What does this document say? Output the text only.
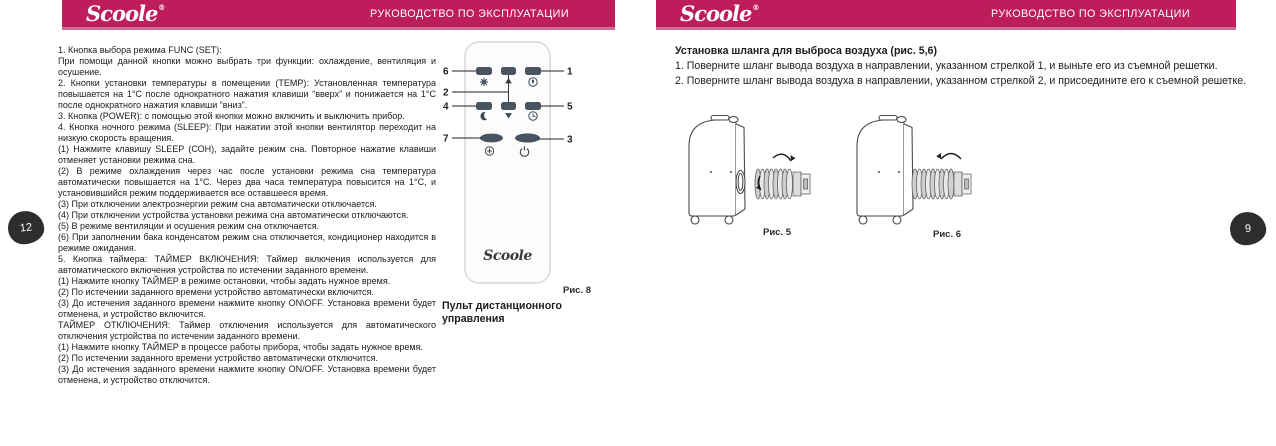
Scoole®	РУКОВОДСТВО ПО ЭКСПЛУАТАЦИИ	Scoole®	РУКОВОДСТВО ПО ЭКСПЛУАТАЦИИ

1. Кнопка выбора режима FUNC (SET):

При помощи данной кнопки можно выбрать три функции: охлаждение, вентиляция и осушение.

2. Кнопки установки температуры в помещении (TEMP): Установленная температура повышается на 1°C после однократного нажатия клавиши “вверх” и понижается на 1°C после однократного нажатия клавиши “вниз”.

3. Кнопка (POWER): с помощью этой кнопки можно включить и выключить прибор.

4. Кнопка ночного режима (SLEEP): При нажатии этой кнопки вентилятор переходит на низкую скорость вращения.

(1) Нажмите клавишу SLEEP (СОН), задайте режим сна. Повторное нажатие клавиши отменяет установки режима сна.

(2) В режиме охлаждения через час после установки режима сна температура автоматически повышается на 1°C. Через два часа температура повысится на 1°C, и установившийся режим поддерживается все оставшееся время.

(3) При отключении электроэнергии режим сна автоматически отключается.

(4) При отключении устройства установки режима сна автоматически отключаются.

(5) В режиме вентиляции и осушения режим сна отключается.

(6) При заполнении бака конденсатом режим сна отключается, кондиционер находится в режиме ожидания.

5. Кнопка таймера: ТАЙМЕР ВКЛЮЧЕНИЯ: Таймер включения используется для автоматического включения устройства по истечении заданного времени.

(1) Нажмите кнопку ТАЙМЕР в режиме остановки, чтобы задать нужное время.

(2) По истечении заданного времени устройство автоматически включится.

(3) До истечения заданного времени нажмите кнопку ON\OFF. Установка времени будет отменена, и устройство включится.

ТАЙМЕР ОТКЛЮЧЕНИЯ: Таймер отключения используется для автоматического отключения устройства по истечении заданного времени.

(1) Нажмите кнопку ТАЙМЕР в процессе работы прибора, чтобы задать нужное время.

(2) По истечении заданного времени устройство автоматически отключится.

(3) До истечения заданного времени нажмите кнопку ON/OFF. Установка времени будет отменена, и устройство отключится.

6
2
4
7
1
5
3
Scoole
Рис. 8
Пульт дистанционного управления
12	9

Установка шланга для выброса воздуха (рис. 5,6)

1. Поверните шланг вывода воздуха в направлении, указанном стрелкой 1, и выньте его из съемной решетки.

2. Поверните шланг вывода воздуха в направлении, указанном стрелкой 2, и присоедините его к съемной решетке.

Рис. 5	Рис. 6
